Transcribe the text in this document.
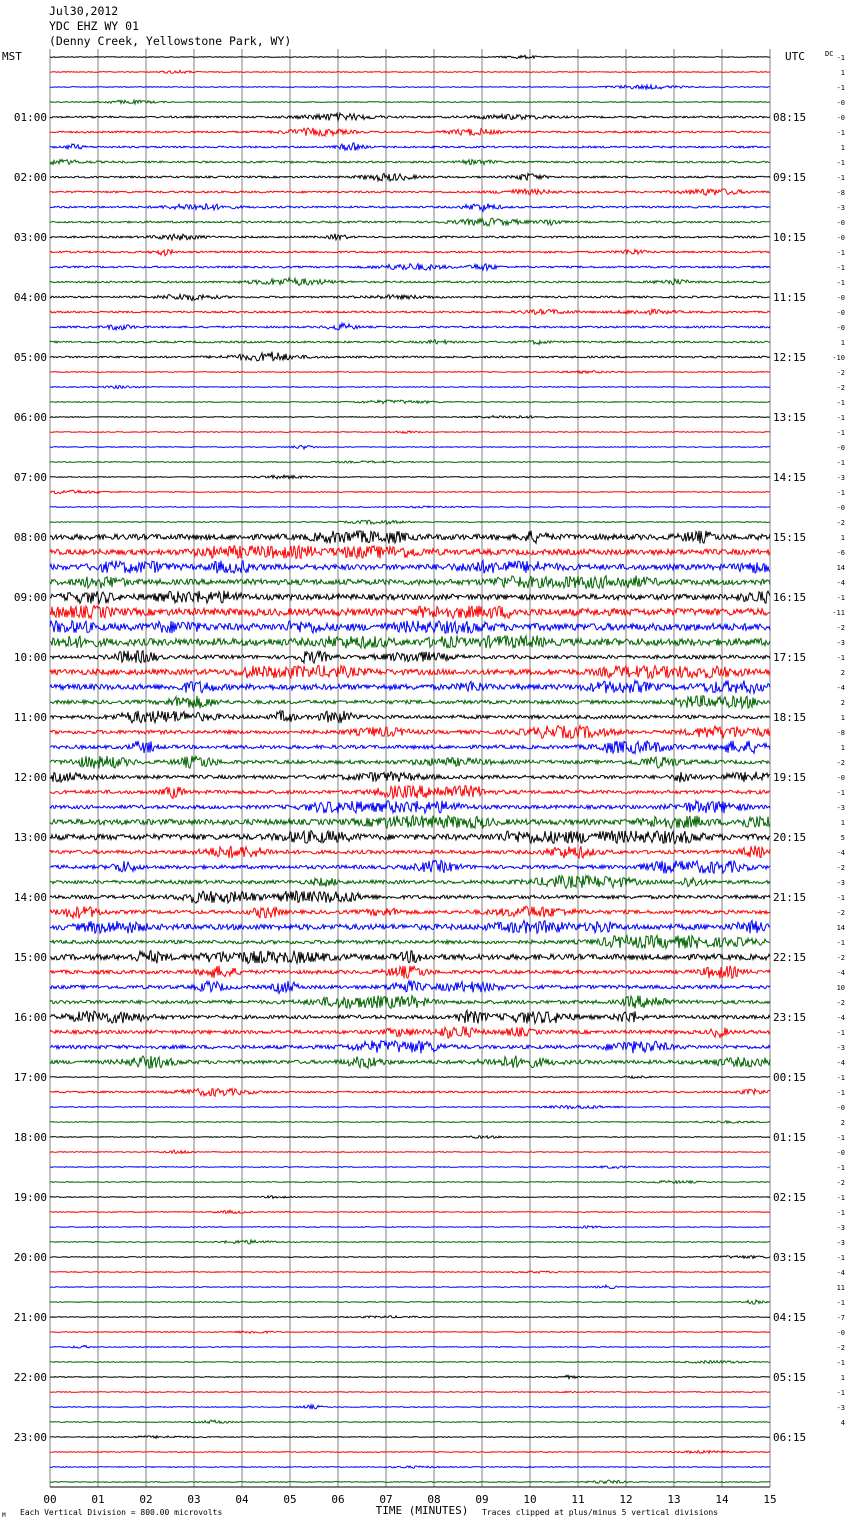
01:00
02:00
03:00
04:00
05:00
06:00
07:00
08:00
09:00
10:00
11:00
12:00
13:00
14:00
15:00
16:00
17:00
18:00
19:00
20:00
21:00
22:00
23:00
08:15
09:15
10:15
11:15
12:15
13:15
14:15
15:15
16:15
17:15
18:15
19:15
20:15
21:15
22:15
23:15
00:15
01:15
02:15
03:15
04:15
05:15
06:15
DC -1
1
-1
-0
-0
-1
1
-1
-1
-8
-3
-0
-0
-1
-1
-1
-0
-0
-0
1
-10
-2
-2
-1
-1
-1
-0
-1
-3
-1
-0
-2
1
-6
14
-4
-1
-11
-2
-3
-1
2
-4
2
1
-8
1
-2
-0
-1
-3
1
5
-4
-2
-3
-1
-2
14
-1
-2
-4
10
-2
-4
-1
-3
-4
-1
-1
-0
2
-1
-0
-1
-2
-1
-1
-3
-3
-1
-4
11
-1
-7
-0
-2
-1
1
-1
-3
4
00	01	02	03	04	05	06	07	08	09	10	11	12	13	14	15
TIME (MINUTES)
Each Vertical Division = 800.00 microvolts	Traces clipped at plus/minus 5 vertical divisions
M
Jul30,2012
YDC EHZ WY 01
(Denny Creek, Yellowstone Park, WY)
MST	UTC
